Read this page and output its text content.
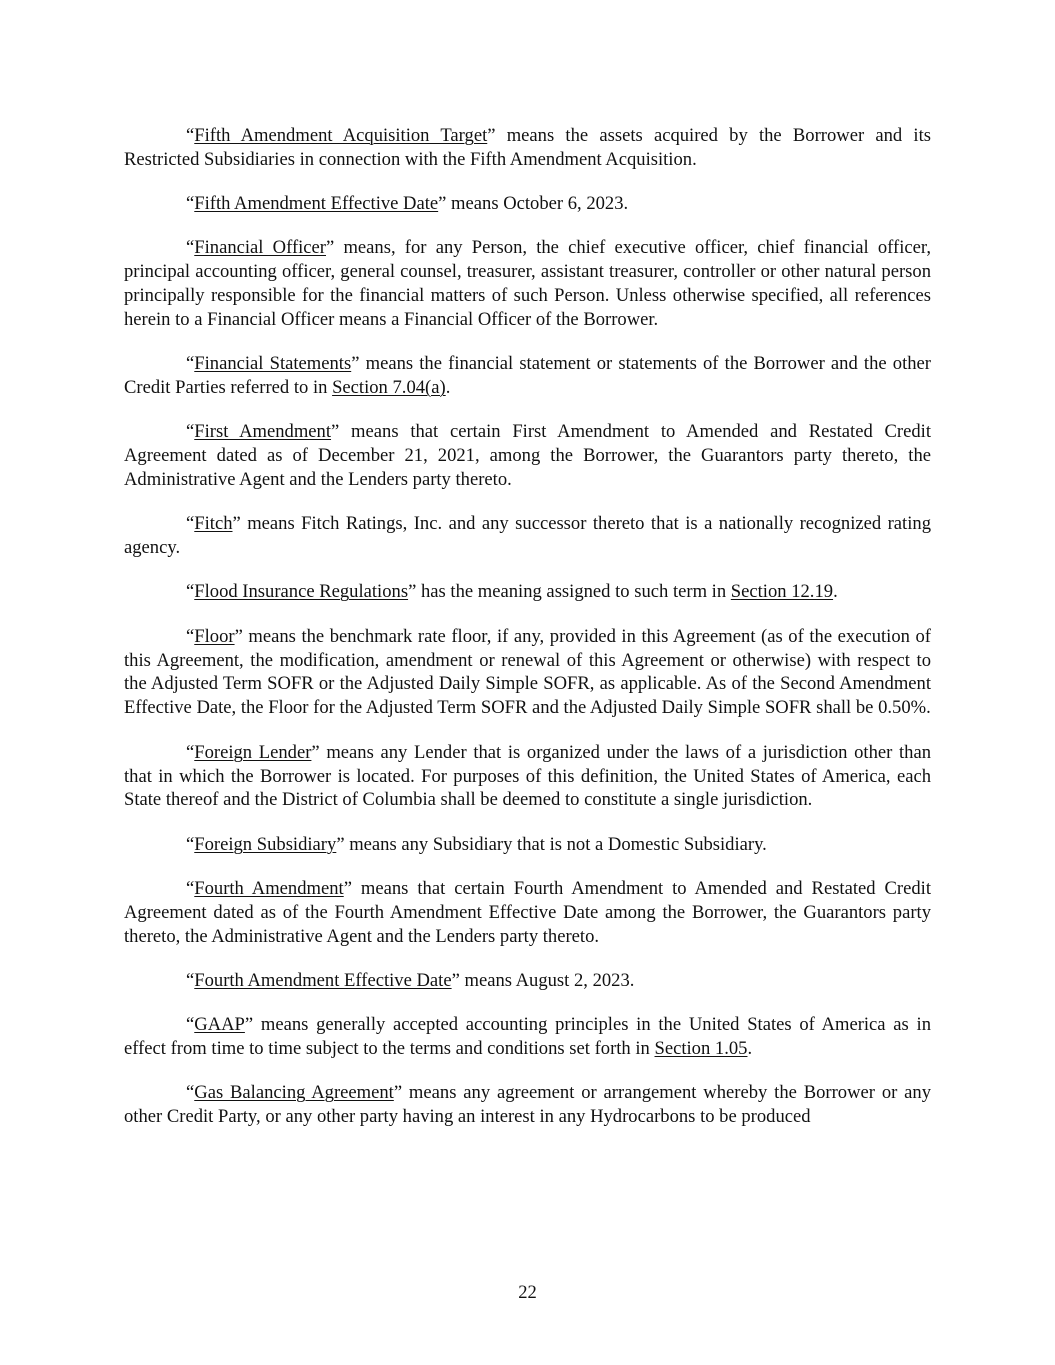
“Fifth Amendment Acquisition Target” means the assets acquired by the Borrower and its Restricted Subsidiaries in connection with the Fifth Amendment Acquisition.

“Fifth Amendment Effective Date” means October 6, 2023.

“Financial Officer” means, for any Person, the chief executive officer, chief financial officer, principal accounting officer, general counsel, treasurer, assistant treasurer, controller or other natural person principally responsible for the financial matters of such Person. Unless otherwise specified, all references herein to a Financial Officer means a Financial Officer of the Borrower.

“Financial Statements” means the financial statement or statements of the Borrower and the other Credit Parties referred to in Section 7.04(a).

“First Amendment” means that certain First Amendment to Amended and Restated Credit Agreement dated as of December 21, 2021, among the Borrower, the Guarantors party thereto, the Administrative Agent and the Lenders party thereto.

“Fitch” means Fitch Ratings, Inc. and any successor thereto that is a nationally recognized rating agency.

“Flood Insurance Regulations” has the meaning assigned to such term in Section 12.19.

“Floor” means the benchmark rate floor, if any, provided in this Agreement (as of the execution of this Agreement, the modification, amendment or renewal of this Agreement or otherwise) with respect to the Adjusted Term SOFR or the Adjusted Daily Simple SOFR, as applicable. As of the Second Amendment Effective Date, the Floor for the Adjusted Term SOFR and the Adjusted Daily Simple SOFR shall be 0.50%.

“Foreign Lender” means any Lender that is organized under the laws of a jurisdiction other than that in which the Borrower is located. For purposes of this definition, the United States of America, each State thereof and the District of Columbia shall be deemed to constitute a single jurisdiction.

“Foreign Subsidiary” means any Subsidiary that is not a Domestic Subsidiary.

“Fourth Amendment” means that certain Fourth Amendment to Amended and Restated Credit Agreement dated as of the Fourth Amendment Effective Date among the Borrower, the Guarantors party thereto, the Administrative Agent and the Lenders party thereto.

“Fourth Amendment Effective Date” means August 2, 2023.

“GAAP” means generally accepted accounting principles in the United States of America as in effect from time to time subject to the terms and conditions set forth in Section 1.05.

“Gas Balancing Agreement” means any agreement or arrangement whereby the Borrower or any other Credit Party, or any other party having an interest in any Hydrocarbons to be produced

22
